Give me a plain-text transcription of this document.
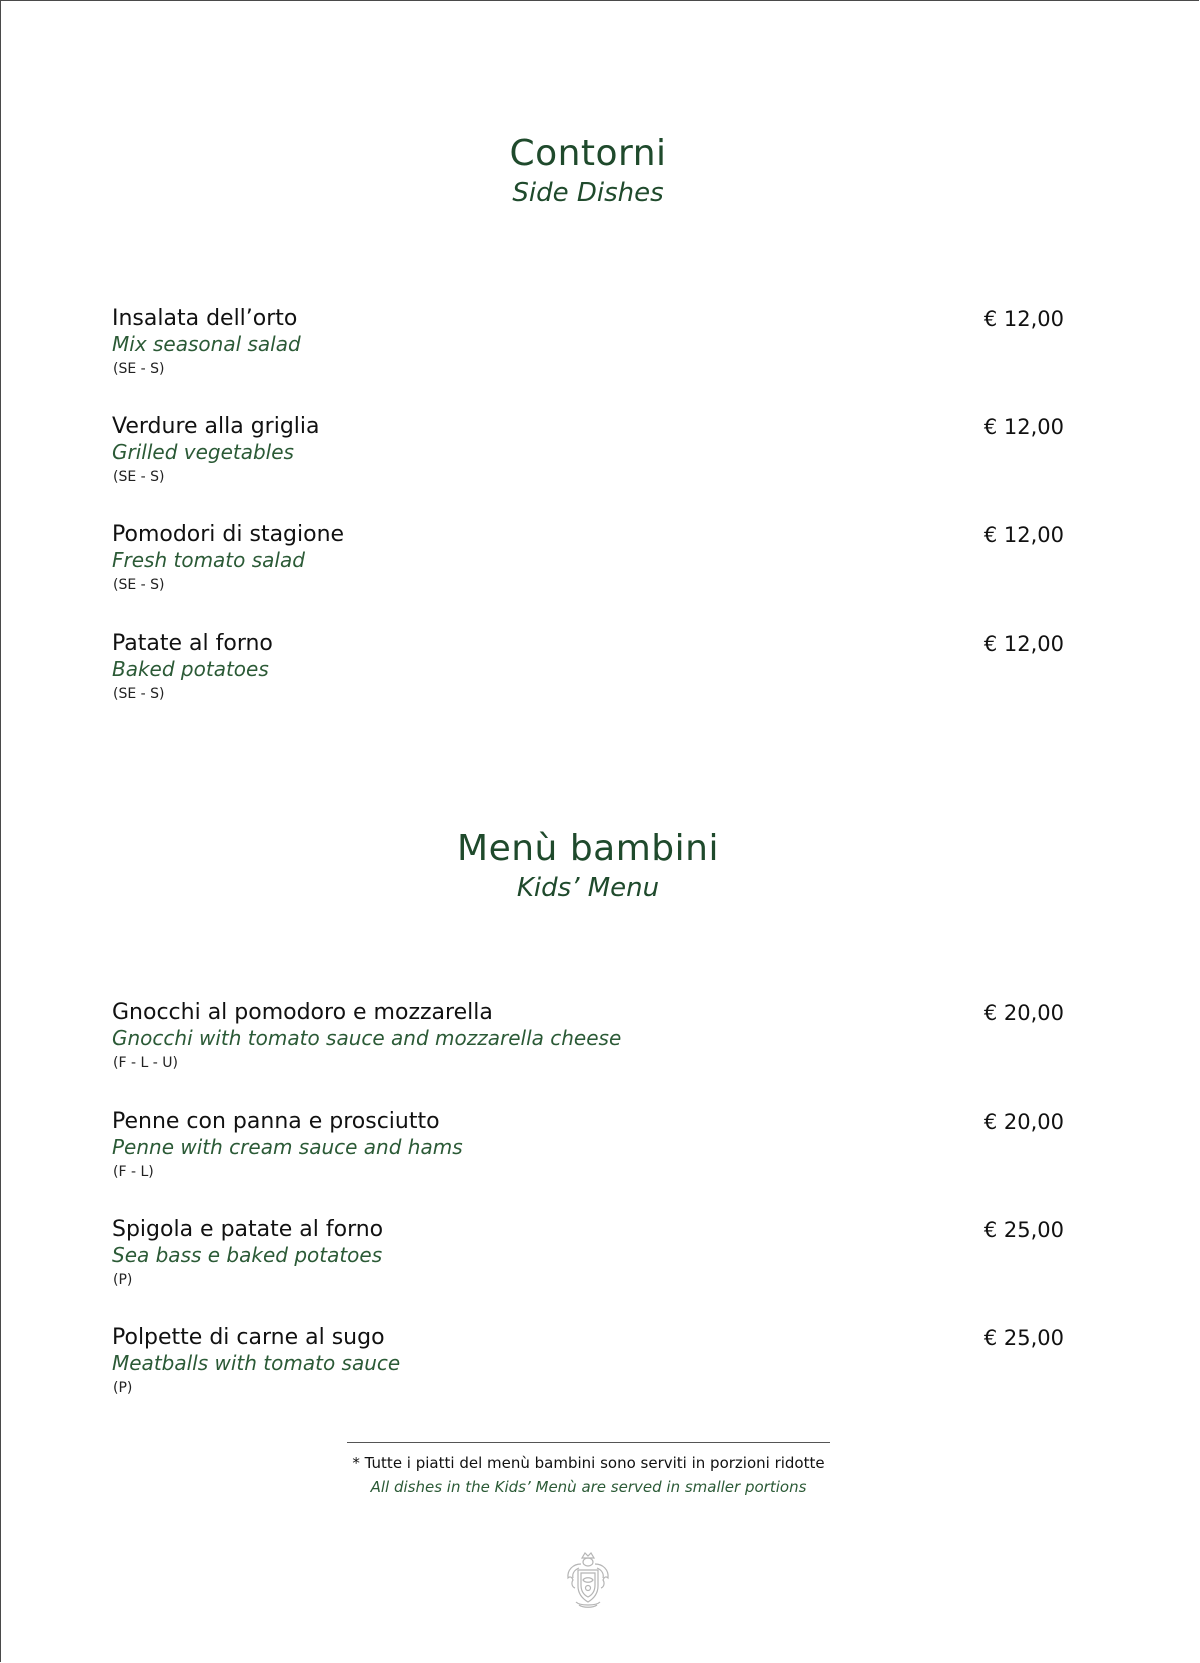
Contorni
Side Dishes
Insalata dell’orto
Mix seasonal salad
(SE - S)
€ 12,00
Verdure alla griglia
Grilled vegetables
(SE - S)
€ 12,00
Pomodori di stagione
Fresh tomato salad
(SE - S)
€ 12,00
Patate al forno
Baked potatoes
(SE - S)
€ 12,00
Menù bambini
Kids’ Menu
Gnocchi al pomodoro e mozzarella
Gnocchi with tomato sauce and mozzarella cheese
(F - L - U)
€ 20,00
Penne con panna e prosciutto
Penne with cream sauce and hams
(F - L)
€ 20,00
Spigola e patate al forno
Sea bass e baked potatoes
(P)
€ 25,00
Polpette di carne al sugo
Meatballs with tomato sauce
(P)
€ 25,00
* Tutte i piatti del menù bambini sono serviti in porzioni ridotte
All dishes in the Kids’ Menù are served in smaller portions
